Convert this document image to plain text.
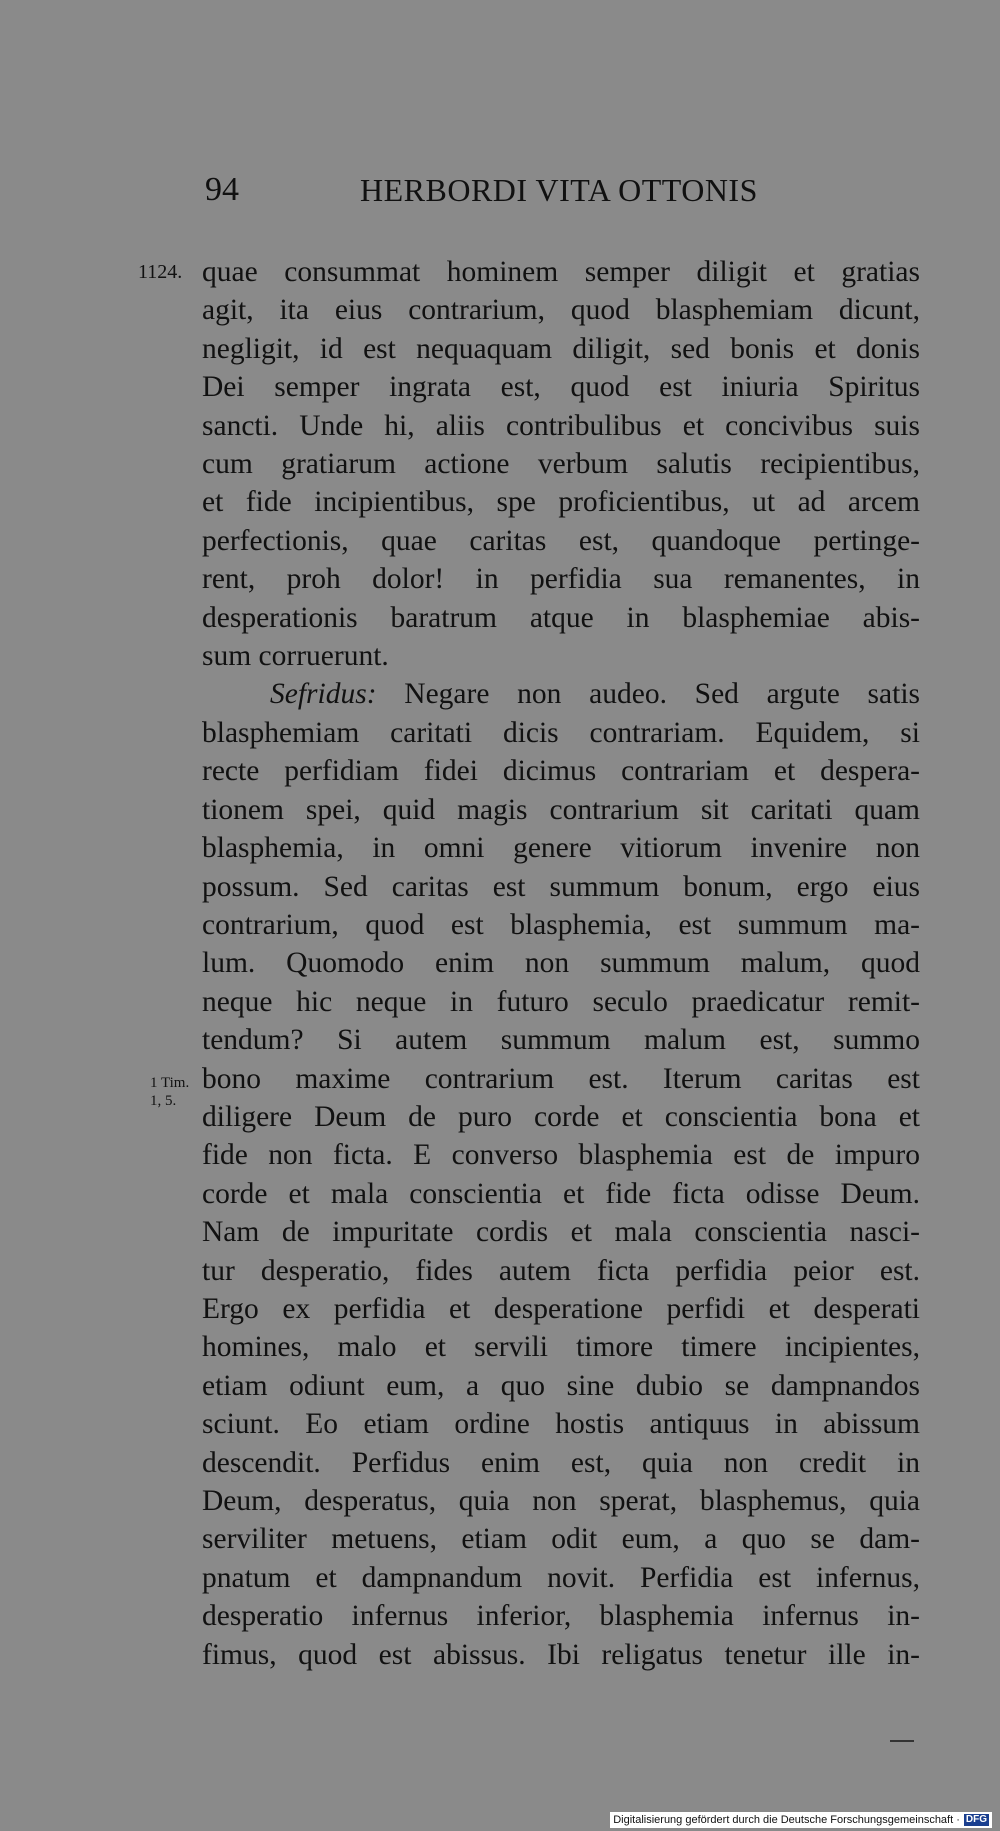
94	HERBORDI VITA OTTONIS
1124.
1 Tim.
1, 5.
quae consummat hominem semper diligit et gratias
agit, ita eius contrarium, quod blasphemiam dicunt,
negligit, id est nequaquam diligit, sed bonis et donis
Dei semper ingrata est, quod est iniuria Spiritus
sancti. Unde hi, aliis contribulibus et concivibus suis
cum gratiarum actione verbum salutis recipientibus,
et fide incipientibus, spe proficientibus, ut ad arcem
perfectionis, quae caritas est, quandoque pertinge-
rent, proh dolor! in perfidia sua remanentes, in
desperationis baratrum atque in blasphemiae abis-
sum corruerunt.
Sefridus: Negare non audeo. Sed argute satis
blasphemiam caritati dicis contrariam. Equidem, si
recte perfidiam fidei dicimus contrariam et despera-
tionem spei, quid magis contrarium sit caritati quam
blasphemia, in omni genere vitiorum invenire non
possum. Sed caritas est summum bonum, ergo eius
contrarium, quod est blasphemia, est summum ma-
lum. Quomodo enim non summum malum, quod
neque hic neque in futuro seculo praedicatur remit-
tendum? Si autem summum malum est, summo
bono maxime contrarium est. Iterum caritas est
diligere Deum de puro corde et conscientia bona et
fide non ficta. E converso blasphemia est de impuro
corde et mala conscientia et fide ficta odisse Deum.
Nam de impuritate cordis et mala conscientia nasci-
tur desperatio, fides autem ficta perfidia peior est.
Ergo ex perfidia et desperatione perfidi et desperati
homines, malo et servili timore timere incipientes,
etiam odiunt eum, a quo sine dubio se dampnandos
sciunt. Eo etiam ordine hostis antiquus in abissum
descendit. Perfidus enim est, quia non credit in
Deum, desperatus, quia non sperat, blasphemus, quia
serviliter metuens, etiam odit eum, a quo se dam-
pnatum et dampnandum novit. Perfidia est infernus,
desperatio infernus inferior, blasphemia infernus in-
fimus, quod est abissus. Ibi religatus tenetur ille in-
Digitalisierung gefördert durch die Deutsche Forschungsgemeinschaft · DFG
